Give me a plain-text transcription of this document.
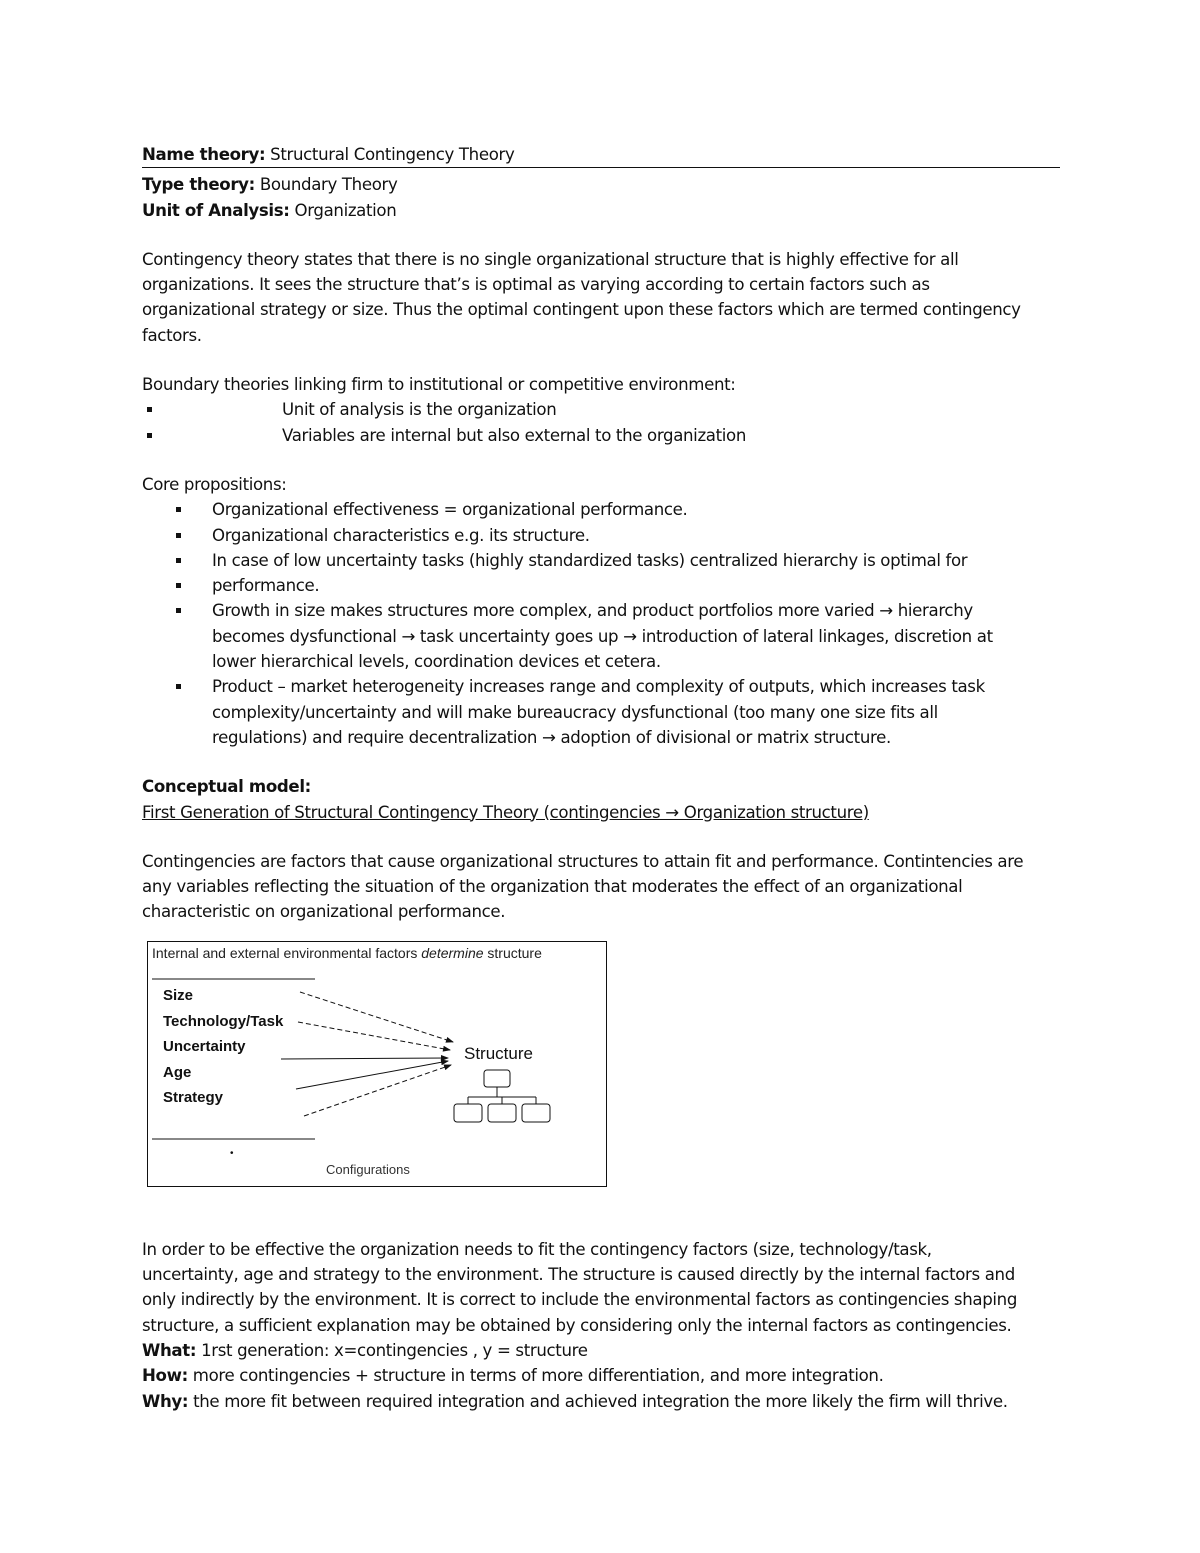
Name theory: Structural Contingency Theory
Type theory: Boundary Theory
Unit of Analysis: Organization
Contingency theory states that there is no single organizational structure that is highly effective for all
organizations. It sees the structure that’s is optimal as varying according to certain factors such as
organizational strategy or size. Thus the optimal contingent upon these factors which are termed contingency
factors.
Boundary theories linking firm to institutional or competitive environment:
Unit of analysis is the organization
Variables are internal but also external to the organization
Core propositions:
Organizational effectiveness = organizational performance.
Organizational characteristics e.g. its structure.
In case of low uncertainty tasks (highly standardized tasks) centralized hierarchy is optimal for
performance.
Growth in size makes structures more complex, and product portfolios more varied → hierarchy
becomes dysfunctional → task uncertainty goes up → introduction of lateral linkages, discretion at
lower hierarchical levels, coordination devices et cetera.
Product – market heterogeneity increases range and complexity of outputs, which increases task
complexity/uncertainty and will make bureaucracy dysfunctional (too many one size fits all
regulations) and require decentralization → adoption of divisional or matrix structure.
Conceptual model:
First Generation of Structural Contingency Theory (contingencies → Organization structure)
Contingencies are factors that cause organizational structures to attain fit and performance. Contintencies are
any variables reflecting the situation of the organization that moderates the effect of an organizational
characteristic on organizational performance.
Internal and external environmental factors determine structure
Size
Technology/Task
Uncertainty
Age
Strategy
Structure
•
Configurations
In order to be effective the organization needs to fit the contingency factors (size, technology/task,
uncertainty, age and strategy to the environment. The structure is caused directly by the internal factors and
only indirectly by the environment. It is correct to include the environmental factors as contingencies shaping
structure, a sufficient explanation may be obtained by considering only the internal factors as contingencies.
What: 1rst generation: x=contingencies , y = structure
How: more contingencies + structure in terms of more differentiation, and more integration.
Why: the more fit between required integration and achieved integration the more likely the firm will thrive.
